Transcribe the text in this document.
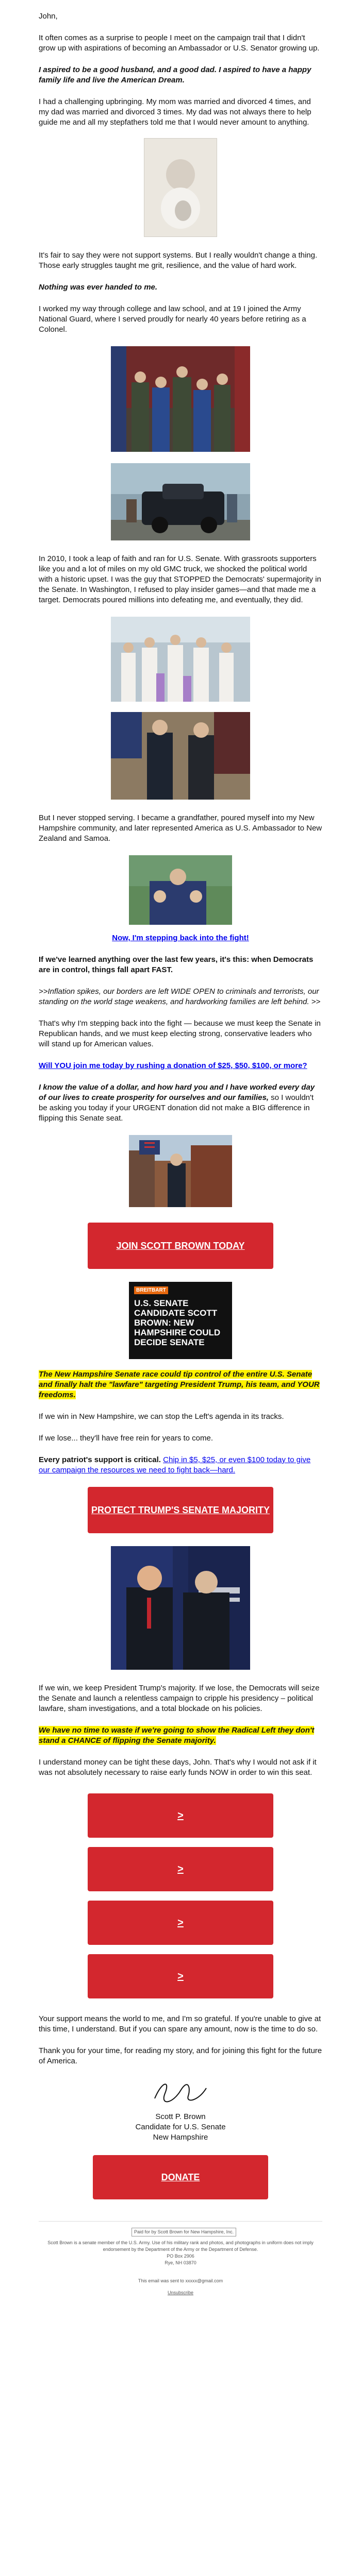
John,

It often comes as a surprise to people I meet on the campaign trail that I didn't grow up with aspirations of becoming an Ambassador or U.S. Senator growing up.

I aspired to be a good husband, and a good dad. I aspired to have a happy family life and live the American Dream.

I had a challenging upbringing. My mom was married and divorced 4 times, and my dad was married and divorced 3 times. My dad was not always there to help guide me and all my stepfathers told me that I would never amount to anything.

It's fair to say they were not support systems. But I really wouldn't change a thing. Those early struggles taught me grit, resilience, and the value of hard work.

Nothing was ever handed to me.

I worked my way through college and law school, and at 19 I joined the Army National Guard, where I served proudly for nearly 40 years before retiring as a Colonel.

In 2010, I took a leap of faith and ran for U.S. Senate. With grassroots supporters like you and a lot of miles on my old GMC truck, we shocked the political world with a historic upset. I was the guy that STOPPED the Democrats' supermajority in the Senate. In Washington, I refused to play insider games—and that made me a target. Democrats poured millions into defeating me, and eventually, they did.

But I never stopped serving. I became a grandfather, poured myself into my New Hampshire community, and later represented America as U.S. Ambassador to New Zealand and Samoa.

Now, I'm stepping back into the fight!

If we've learned anything over the last few years, it's this: when Democrats are in control, things fall apart FAST.

>>Inflation spikes, our borders are left WIDE OPEN to criminals and terrorists, our standing on the world stage weakens, and hardworking families are left behind. >>

That's why I'm stepping back into the fight — because we must keep the Senate in Republican hands, and we must keep electing strong, conservative leaders who will stand up for American values.

Will YOU join me today by rushing a donation of $25, $50, $100, or more?

I know the value of a dollar, and how hard you and I have worked every day of our lives to create prosperity for ourselves and our families, so I wouldn't be asking you today if your URGENT donation did not make a BIG difference in flipping this Senate seat.

JOIN SCOTT BROWN TODAY
BREITBART
U.S. SENATE CANDIDATE SCOTT BROWN: NEW HAMPSHIRE COULD DECIDE SENATE

The New Hampshire Senate race could tip control of the entire U.S. Senate and finally halt the "lawfare" targeting President Trump, his team, and YOUR freedoms.

If we win in New Hampshire, we can stop the Left's agenda in its tracks.

If we lose... they'll have free rein for years to come.

Every patriot's support is critical. Chip in $5, $25, or even $100 today to give our campaign the resources we need to fight back—hard.

PROTECT TRUMP'S SENATE MAJORITY

If we win, we keep President Trump's majority. If we lose, the Democrats will seize the Senate and launch a relentless campaign to cripple his presidency – political lawfare, sham investigations, and a total blockade on his policies.

We have no time to waste if we're going to show the Radical Left they don't stand a CHANCE of flipping the Senate majority.

I understand money can be tight these days, John. That's why I would not ask if it was not absolutely necessary to raise early funds NOW in order to win this seat.

>
>
>
>

Your support means the world to me, and I'm so grateful. If you're unable to give at this time, I understand. But if you can spare any amount, now is the time to do so.

Thank you for your time, for reading my story, and for joining this fight for the future of America.

Scott P. Brown
Candidate for U.S. Senate
New Hampshire
DONATE
Paid for by Scott Brown for New Hampshire, Inc.
Scott Brown is a senate member of the U.S. Army. Use of his military rank and photos, and photographs in uniform does not imply endorsement by the Department of the Army or the Department of Defense.
PO Box 2906
Rye, NH 03870
This email was sent to xxxxx@gmail.com
Unsubscribe
